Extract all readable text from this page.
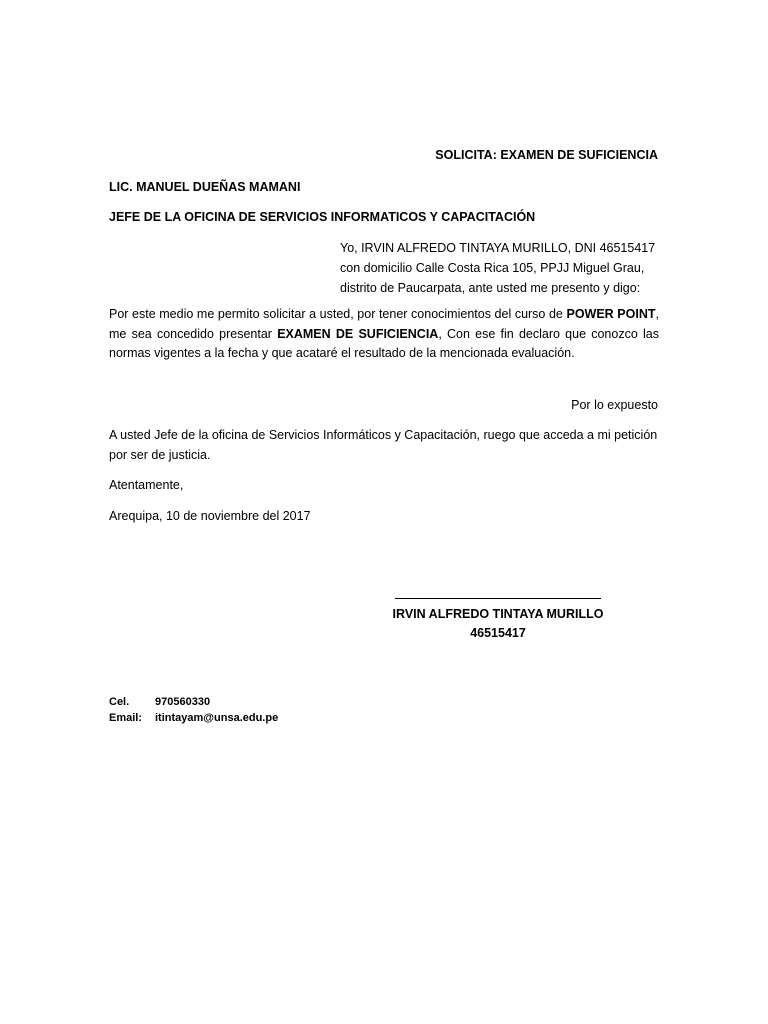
SOLICITA: EXAMEN DE SUFICIENCIA
LIC. MANUEL DUEÑAS MAMANI
JEFE DE LA OFICINA DE SERVICIOS INFORMATICOS Y CAPACITACIÓN
Yo, IRVIN ALFREDO TINTAYA MURILLO, DNI 46515417
con domicilio Calle Costa Rica 105, PPJJ Miguel Grau,
distrito de Paucarpata, ante usted me presento y digo:
Por este medio me permito solicitar a usted, por tener conocimientos del curso de POWER POINT, me sea concedido presentar EXAMEN DE SUFICIENCIA, Con ese fin declaro que conozco las normas vigentes a la fecha y que acataré el resultado de la mencionada evaluación.
Por lo expuesto
A usted Jefe de la oficina de Servicios Informáticos y Capacitación, ruego que acceda a mi petición por ser de justicia.
Atentamente,
Arequipa, 10 de noviembre del 2017
IRVIN ALFREDO TINTAYA MURILLO
46515417
Cel. 970560330
Email: itintayam@unsa.edu.pe
